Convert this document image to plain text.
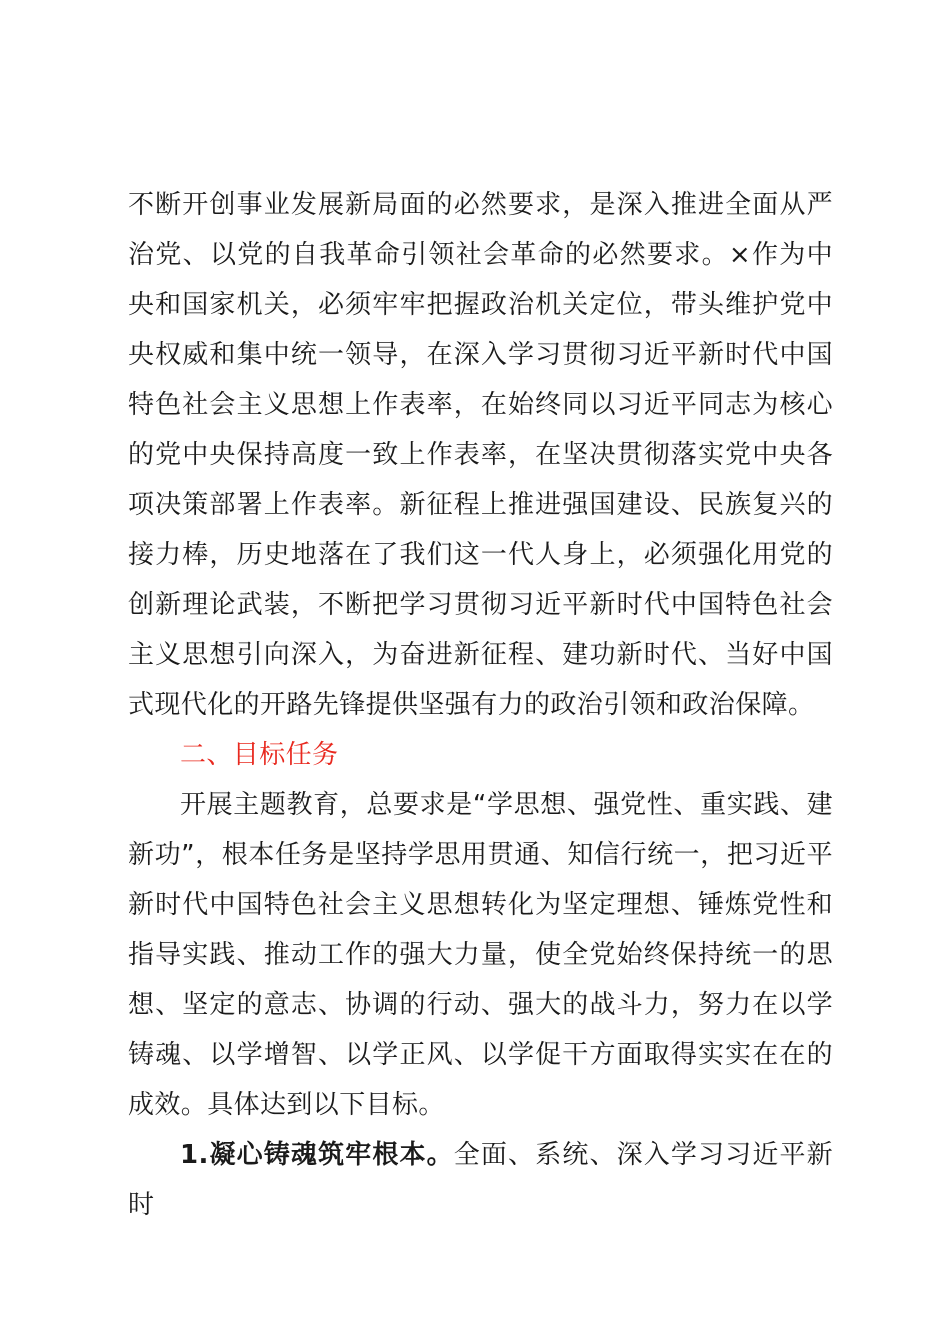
不断开创事业发展新局面的必然要求，是深入推进全面从严治党、以党的自我革命引领社会革命的必然要求。×作为中央和国家机关，必须牢牢把握政治机关定位，带头维护党中央权威和集中统一领导，在深入学习贯彻习近平新时代中国特色社会主义思想上作表率，在始终同以习近平同志为核心的党中央保持高度一致上作表率，在坚决贯彻落实党中央各项决策部署上作表率。新征程上推进强国建设、民族复兴的接力棒，历史地落在了我们这一代人身上，必须强化用党的创新理论武装，不断把学习贯彻习近平新时代中国特色社会主义思想引向深入，为奋进新征程、建功新时代、当好中国式现代化的开路先锋提供坚强有力的政治引领和政治保障。

二、目标任务

开展主题教育，总要求是“学思想、强党性、重实践、建新功”，根本任务是坚持学思用贯通、知信行统一，把习近平新时代中国特色社会主义思想转化为坚定理想、锤炼党性和指导实践、推动工作的强大力量，使全党始终保持统一的思想、坚定的意志、协调的行动、强大的战斗力，努力在以学铸魂、以学增智、以学正风、以学促干方面取得实实在在的成效。具体达到以下目标。

1.凝心铸魂筑牢根本。全面、系统、深入学习习近平新时
